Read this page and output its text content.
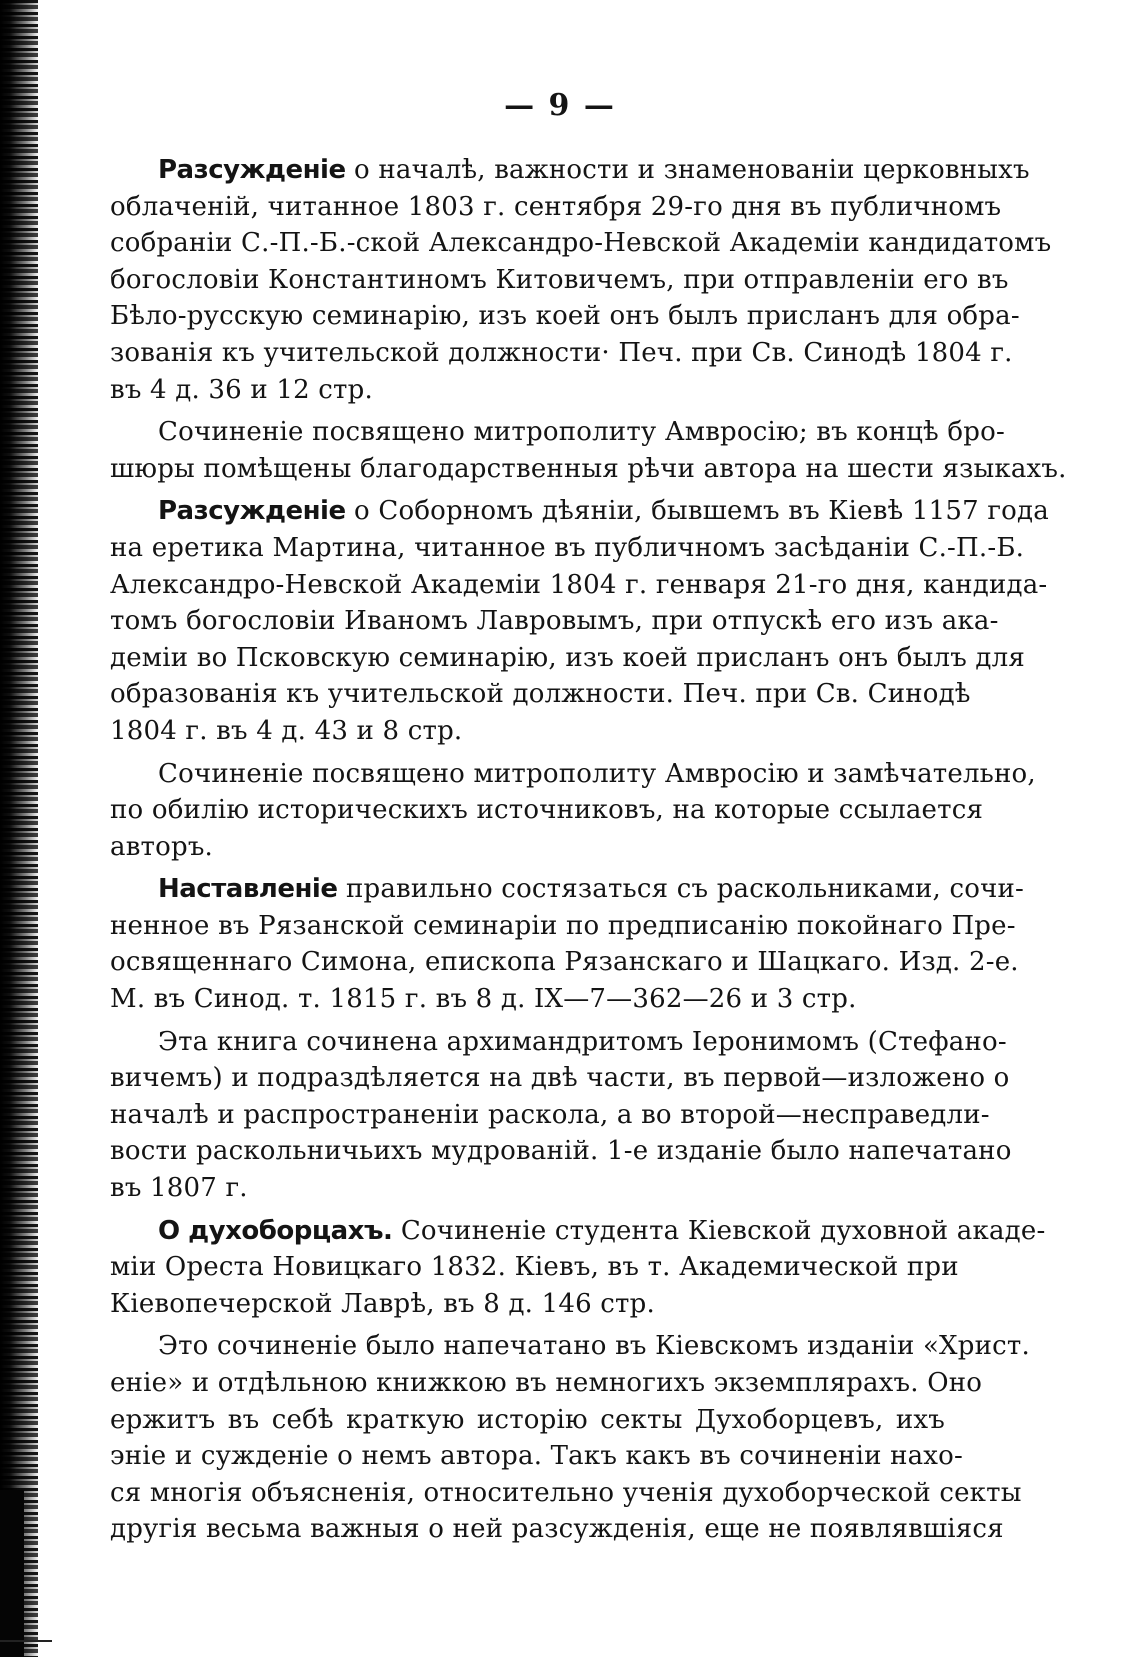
— 9 —
Разсужденіе о началѣ, важности и знаменованіи церковныхъ
облаченій, читанное 1803 г. сентября 29-го дня въ публичномъ
собраніи С.-П.-Б.-ской Александро-Невской Академіи кандидатомъ
богословіи Константиномъ Китовичемъ, при отправленіи его въ
Бѣло-русскую семинарію, изъ коей онъ былъ присланъ для обра-
зованія къ учительской должности· Печ. при Св. Синодѣ 1804 г.
въ 4 д. 36 и 12 стр.
Сочиненіе посвящено митрополиту Амвросію; въ концѣ бро-
шюры помѣщены благодарственныя рѣчи автора на шести языкахъ.
Разсужденіе о Соборномъ дѣяніи, бывшемъ въ Кіевѣ 1157 года
на еретика Мартина, читанное въ публичномъ засѣданіи С.-П.-Б.
Александро-Невской Академіи 1804 г. генваря 21-го дня, кандида-
томъ богословіи Иваномъ Лавровымъ, при отпускѣ его изъ ака-
деміи во Псковскую семинарію, изъ коей присланъ онъ былъ для
образованія къ учительской должности. Печ. при Св. Синодѣ
1804 г. въ 4 д. 43 и 8 стр.
Сочиненіе посвящено митрополиту Амвросію и замѣчательно,
по обилію историческихъ источниковъ, на которые ссылается
авторъ.
Наставленіе правильно состязаться съ раскольниками, сочи-
ненное въ Рязанской семинаріи по предписанію покойнаго Пре-
освященнаго Симона, епископа Рязанскаго и Шацкаго. Изд. 2-е.
М. въ Синод. т. 1815 г. въ 8 д. IX—7—362—26 и 3 стр.
Эта книга сочинена архимандритомъ Іеронимомъ (Стефано-
вичемъ) и подраздѣляется на двѣ части, въ первой—изложено о
началѣ и распространеніи раскола, а во второй—несправедли-
вости раскольничьихъ мудрованій. 1-е изданіе было напечатано
въ 1807 г.
О духоборцахъ. Сочиненіе студента Кіевской духовной акаде-
міи Ореста Новицкаго 1832. Кіевъ, въ т. Академической при
Кіевопечерской Лаврѣ, въ 8 д. 146 стр.
Это сочиненіе было напечатано въ Кіевскомъ изданіи «Христ.
еніе» и отдѣльною книжкою въ немногихъ экземплярахъ. Оно
ержитъ въ себѣ краткую исторію секты Духоборцевъ, ихъ
эніе и сужденіе о немъ автора. Такъ какъ въ сочиненіи нахо-
ся многія объясненія, относительно ученія духоборческой секты
другія весьма важныя о ней разсужденія, еще не появлявшіяся
